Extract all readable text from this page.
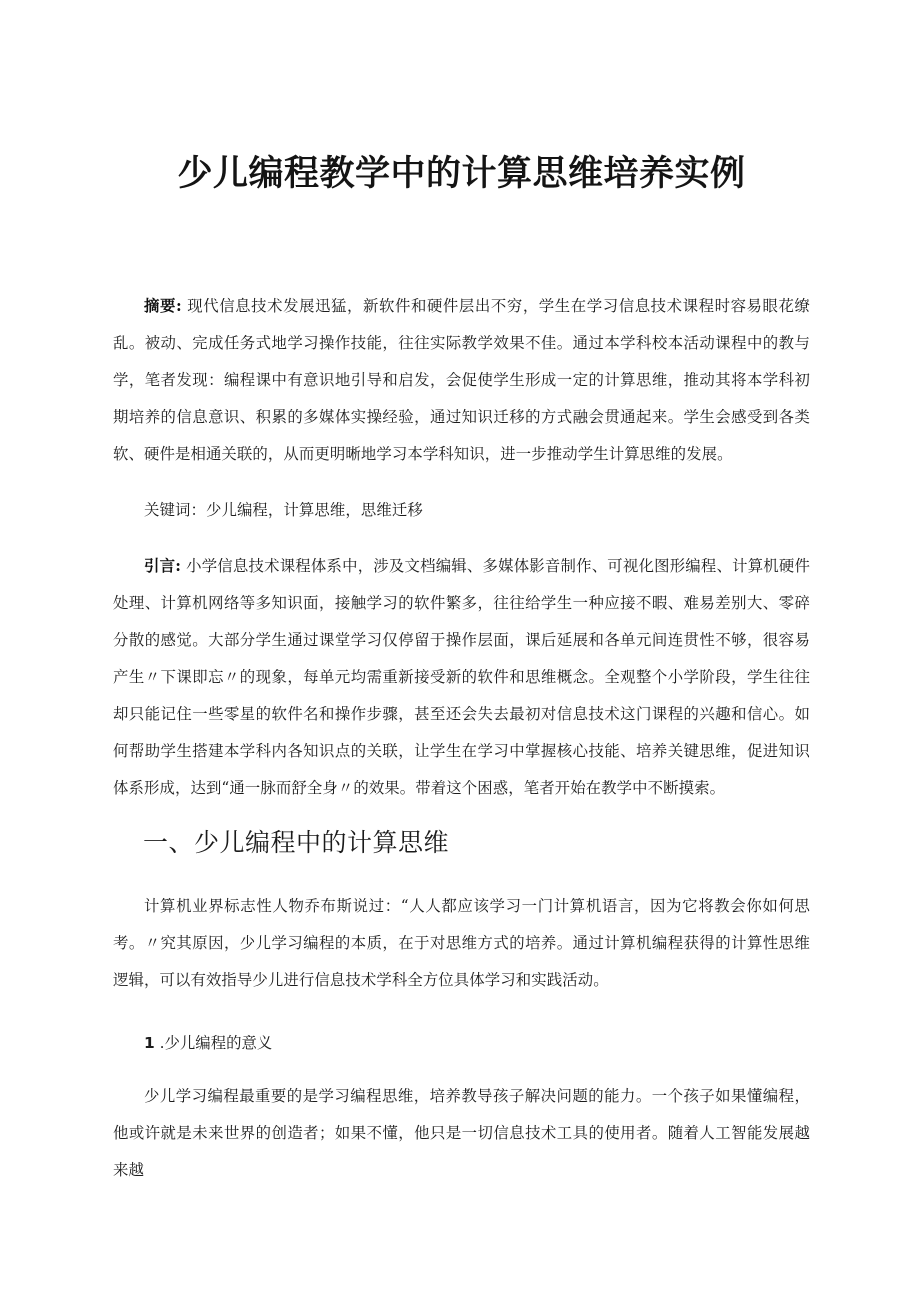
少儿编程教学中的计算思维培养实例

摘要: 现代信息技术发展迅猛，新软件和硬件层出不穷，学生在学习信息技术课程时容易眼花缭乱。被动、完成任务式地学习操作技能，往往实际教学效果不佳。通过本学科校本活动课程中的教与学，笔者发现：编程课中有意识地引导和启发，会促使学生形成一定的计算思维，推动其将本学科初期培养的信息意识、积累的多媒体实操经验，通过知识迁移的方式融会贯通起来。学生会感受到各类软、硬件是相通关联的，从而更明晰地学习本学科知识，进一步推动学生计算思维的发展。

关键词：少儿编程，计算思维，思维迁移

引言: 小学信息技术课程体系中，涉及文档编辑、多媒体影音制作、可视化图形编程、计算机硬件处理、计算机网络等多知识面，接触学习的软件繁多，往往给学生一种应接不暇、难易差别大、零碎分散的感觉。大部分学生通过课堂学习仅停留于操作层面，课后延展和各单元间连贯性不够，很容易产生〃下课即忘〃的现象，每单元均需重新接受新的软件和思维概念。全观整个小学阶段，学生往往却只能记住一些零星的软件名和操作步骤，甚至还会失去最初对信息技术这门课程的兴趣和信心。如何帮助学生搭建本学科内各知识点的关联，让学生在学习中掌握核心技能、培养关键思维，促进知识体系形成，达到“通一脉而舒全身〃的效果。带着这个困惑，笔者开始在教学中不断摸索。

一、少儿编程中的计算思维

计算机业界标志性人物乔布斯说过：“人人都应该学习一门计算机语言，因为它将教会你如何思考。〃究其原因，少儿学习编程的本质，在于对思维方式的培养。通过计算机编程获得的计算性思维逻辑，可以有效指导少儿进行信息技术学科全方位具体学习和实践活动。

1 .少儿编程的意义

少儿学习编程最重要的是学习编程思维，培养教导孩子解决问题的能力。一个孩子如果懂编程，他或许就是未来世界的创造者；如果不懂，他只是一切信息技术工具的使用者。随着人工智能发展越来越
